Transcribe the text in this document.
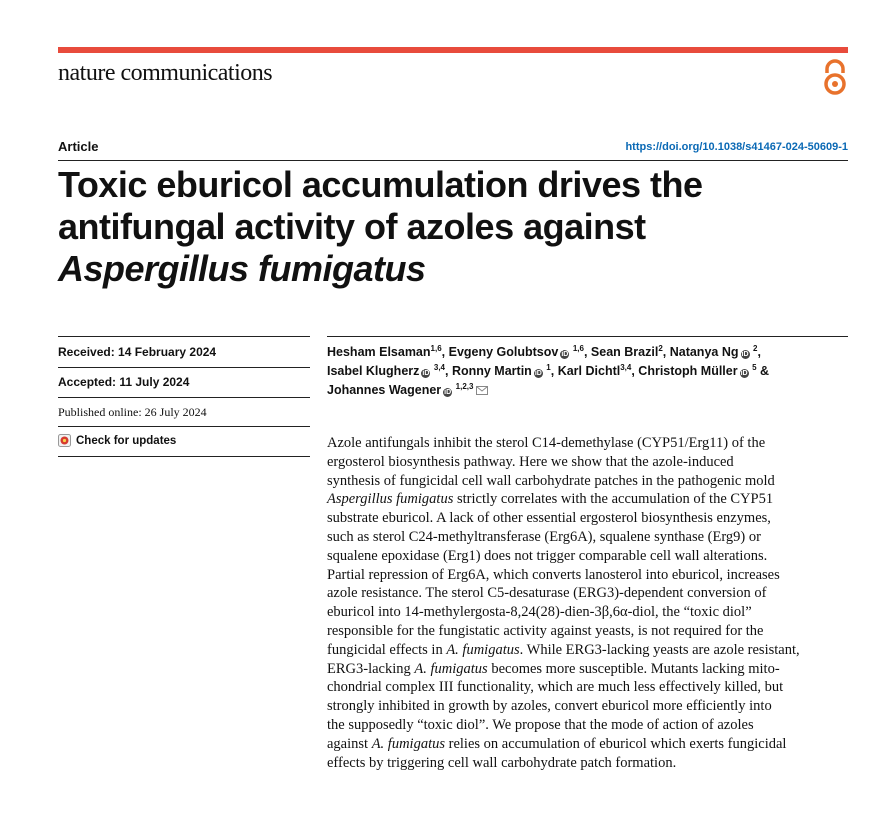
nature communications
Article	https://doi.org/10.1038/s41467-024-50609-1
Toxic eburicol accumulation drives the
antifungal activity of azoles against
Aspergillus fumigatus
Received: 14 February 2024
Accepted: 11 July 2024
Published online: 26 July 2024
Check for updates
Hesham Elsaman$^{1,6}$, Evgeny Golubtsov iD $^{1,6}$, Sean Brazil$^2$, Natanya Ng iD $^2$,
Isabel Klugherz iD $^{3,4}$, Ronny Martin iD $^1$, Karl Dichtl$^{3,4}$, Christoph Müller iD $^5$ &
Johannes Wagener iD $^{1,2,3}$

Azole antifungals inhibit the sterol C14-demethylase (CYP51/Erg11) of the
ergosterol biosynthesis pathway. Here we show that the azole-induced
synthesis of fungicidal cell wall carbohydrate patches in the pathogenic mold
Aspergillus fumigatus strictly correlates with the accumulation of the CYP51
substrate eburicol. A lack of other essential ergosterol biosynthesis enzymes,
such as sterol C24-methyltransferase (Erg6A), squalene synthase (Erg9) or
squalene epoxidase (Erg1) does not trigger comparable cell wall alterations.
Partial repression of Erg6A, which converts lanosterol into eburicol, increases
azole resistance. The sterol C5-desaturase (ERG3)-dependent conversion of
eburicol into 14-methylergosta-8,24(28)-dien-3β,6α-diol, the “toxic diol”
responsible for the fungistatic activity against yeasts, is not required for the
fungicidal effects in A. fumigatus. While ERG3-lacking yeasts are azole resistant,
ERG3-lacking A. fumigatus becomes more susceptible. Mutants lacking mito-
chondrial complex III functionality, which are much less effectively killed, but
strongly inhibited in growth by azoles, convert eburicol more efficiently into
the supposedly “toxic diol”. We propose that the mode of action of azoles
against A. fumigatus relies on accumulation of eburicol which exerts fungicidal
effects by triggering cell wall carbohydrate patch formation.
